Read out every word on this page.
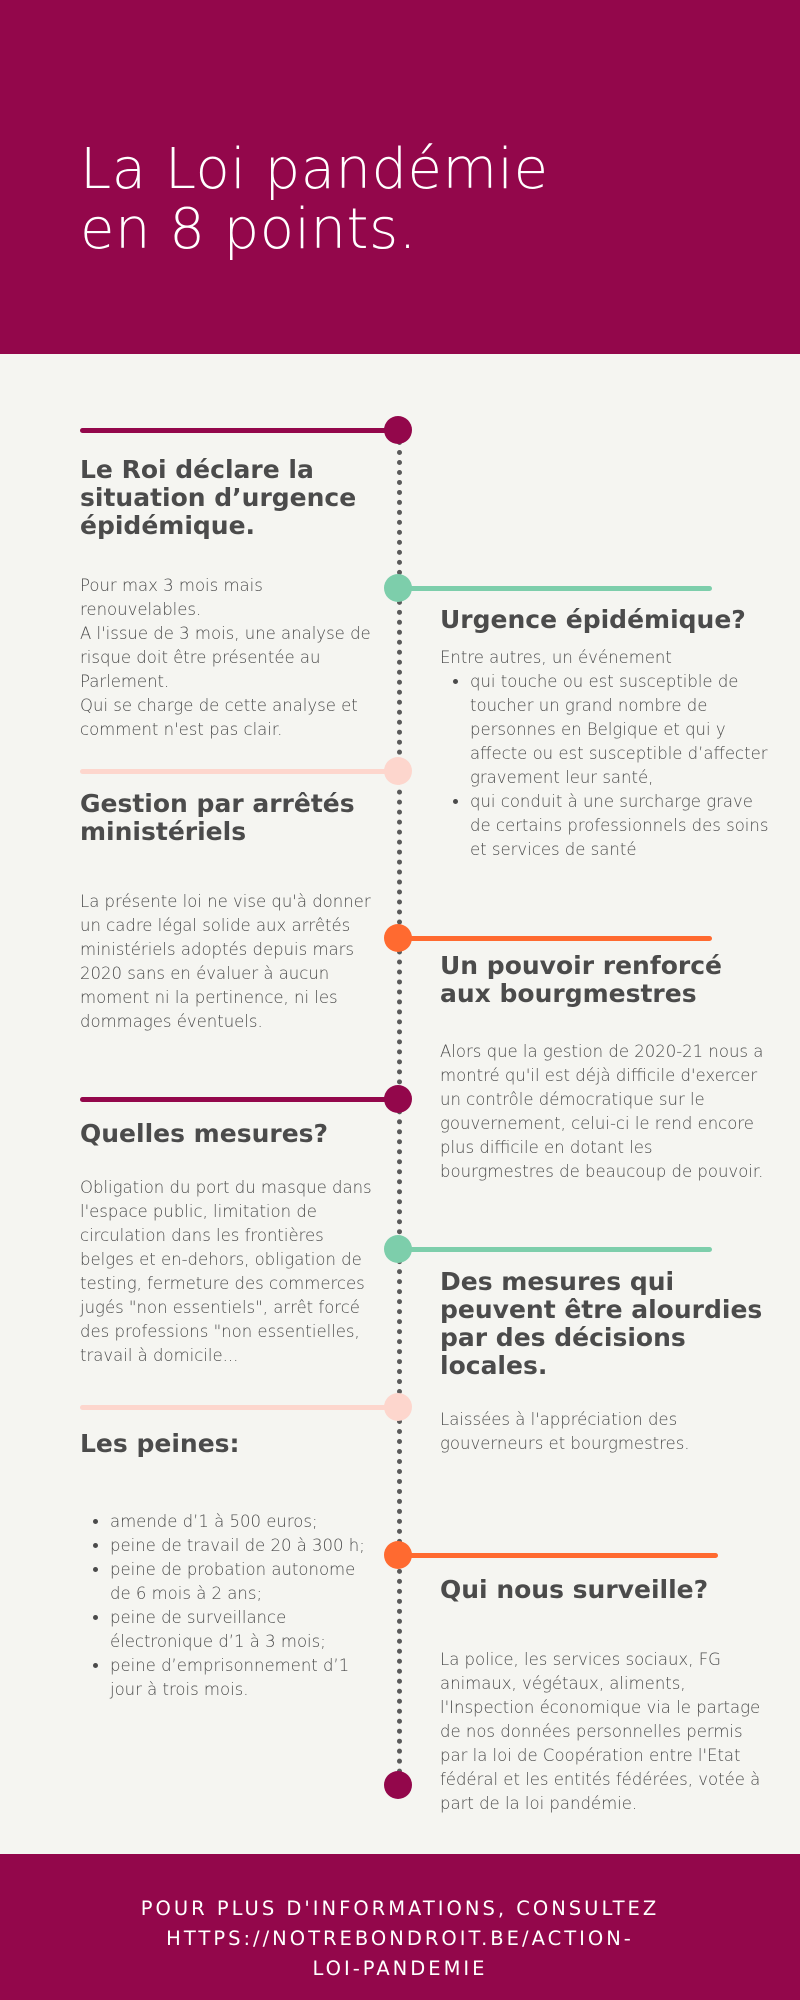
La Loi pandémie
en 8 points.
Le Roi déclare la situation d’urgence épidémique.
Pour max 3 mois mais renouvelables.
A l'issue de 3 mois, une analyse de risque doit être présentée au Parlement.
Qui se charge de cette analyse et comment n'est pas clair.
Urgence épidémique?
Entre autres, un événement
• qui touche ou est susceptible de toucher un grand nombre de personnes en Belgique et qui y affecte ou est susceptible d’affecter gravement leur santé,
• qui conduit à une surcharge grave de certains professionnels des soins et services de santé
Gestion par arrêtés ministériels

La présente loi ne vise qu'à donner un cadre légal solide aux arrêtés ministériels adoptés depuis mars 2020 sans en évaluer à aucun moment ni la pertinence, ni les dommages éventuels.

Un pouvoir renforcé aux bourgmestres

Alors que la gestion de 2020-21 nous a montré qu'il est déjà difficile d'exercer un contrôle démocratique sur le gouvernement, celui-ci le rend encore plus difficile en dotant les bourgmestres de beaucoup de pouvoir.

Quelles mesures?

Obligation du port du masque dans l'espace public, limitation de circulation dans les frontières belges et en-dehors, obligation de testing, fermeture des commerces jugés "non essentiels", arrêt forcé des professions "non essentielles, travail à domicile...

Des mesures qui peuvent être alourdies par des décisions locales.

Laissées à l'appréciation des gouverneurs et bourgmestres.

Les peines:
• amende d’1 à 500 euros;
• peine de travail de 20 à 300 h;
• peine de probation autonome de 6 mois à 2 ans;
• peine de surveillance électronique d’1 à 3 mois;
• peine d’emprisonnement d’1 jour à trois mois.
Qui nous surveille?

La police, les services sociaux, FG animaux, végétaux, aliments, l'Inspection économique via le partage de nos données personnelles permis par la loi de Coopération entre l'Etat fédéral et les entités fédérées, votée à part de la loi pandémie.

POUR PLUS D'INFORMATIONS, CONSULTEZ
HTTPS://NOTREBONDROIT.BE/ACTION-
LOI-PANDEMIE
